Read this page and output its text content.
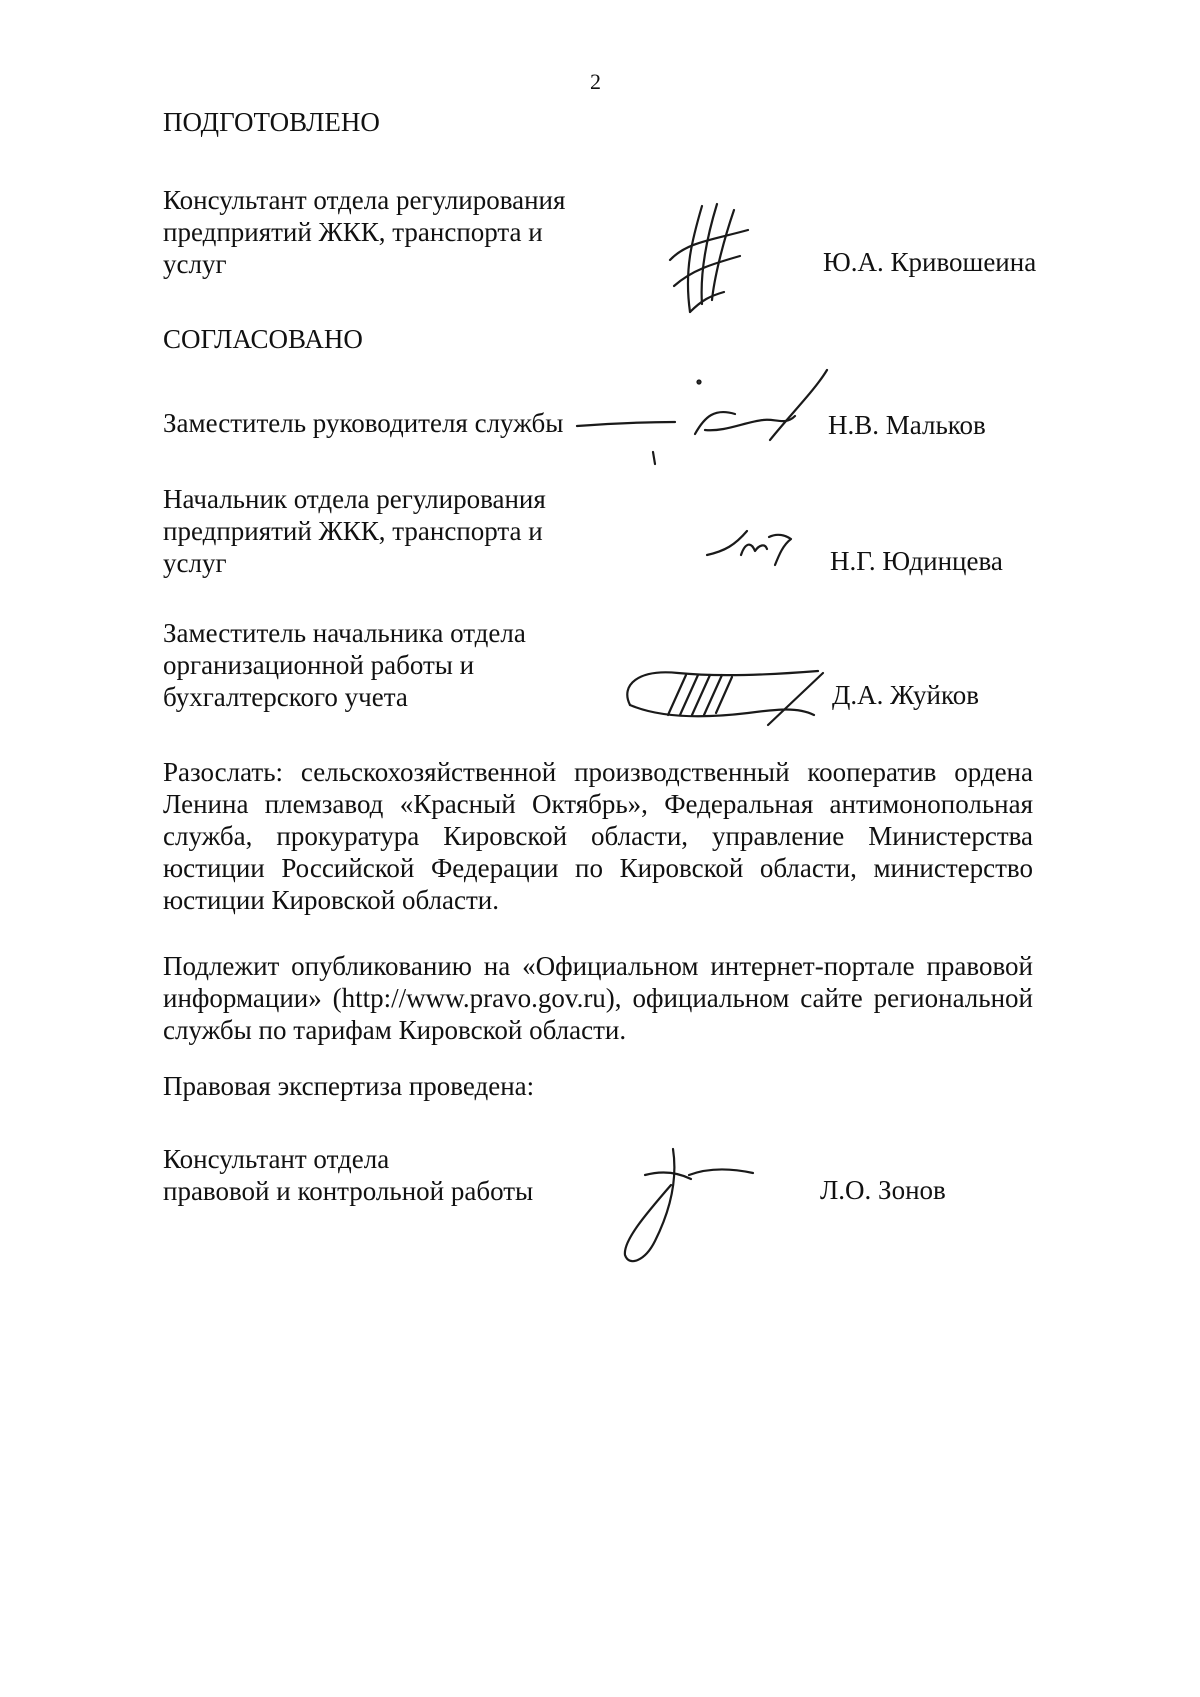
2
ПОДГОТОВЛЕНО
Консультант отдела регулирования
предприятий ЖКК, транспорта и
услуг	Ю.А. Кривошеина
СОГЛАСОВАНО
Заместитель руководителя службы	Н.В. Мальков
Начальник отдела регулирования
предприятий ЖКК, транспорта и
услуг	Н.Г. Юдинцева
Заместитель начальника отдела
организационной работы и
бухгалтерского учета	Д.А. Жуйков
Разослать: сельскохозяйственной производственный кооператив ордена Ленина племзавод «Красный Октябрь», Федеральная антимонопольная служба, прокуратура Кировской области, управление Министерства юстиции Российской Федерации по Кировской области, министерство юстиции Кировской области.
Подлежит опубликованию на «Официальном интернет-портале правовой информации» (http://www.pravo.gov.ru), официальном сайте региональной службы по тарифам Кировской области.
Правовая экспертиза проведена:
Консультант отдела
правовой и контрольной работы	Л.О. Зонов
